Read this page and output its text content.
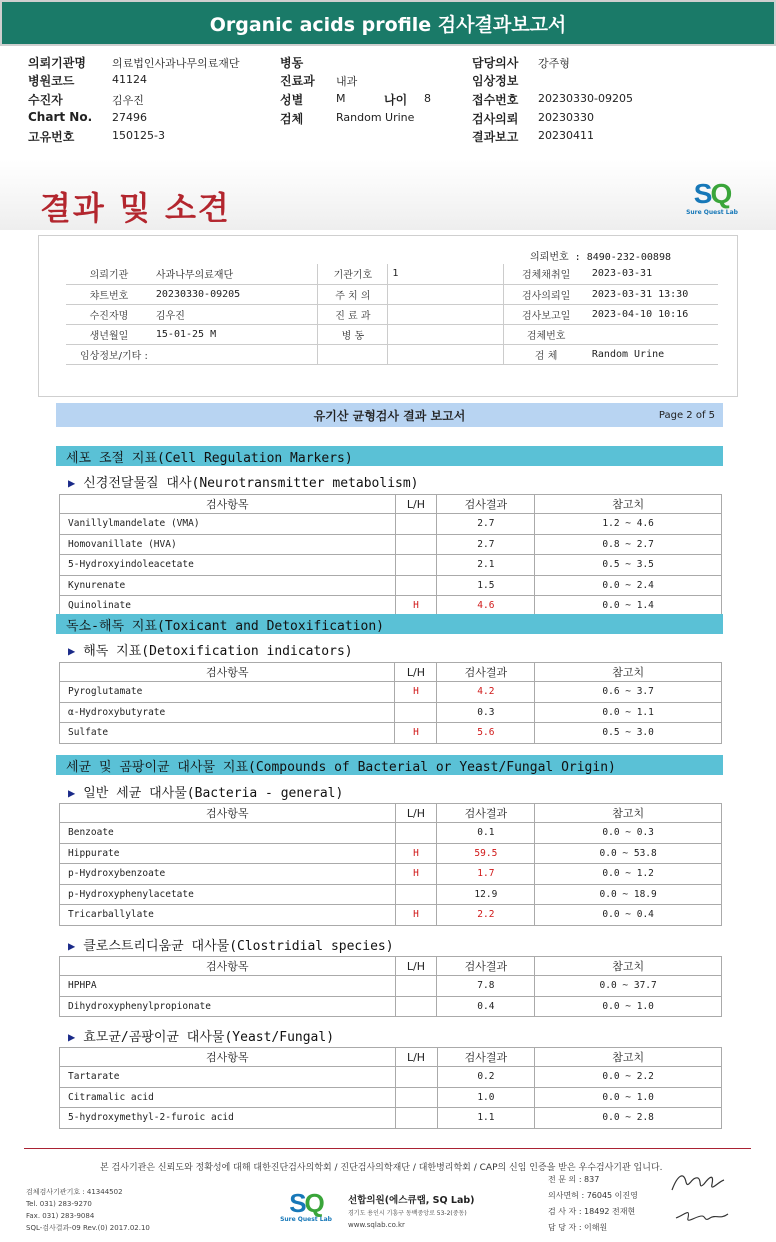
Organic acids profile 검사결과보고서
의뢰기관명 의료법인사과나무의료재단
병원코드	41124
수진자	김우진
Chart No. 27496
고유번호	150125-3
병동
진료과 내과
성별	M
검체	Random Urine
나이 8
담당의사 강주형
임상정보
접수번호 20230330-09205
검사의뢰 20230330
결과보고 20230411
결과 및 소견	SQ
Sure Quest Lab
의뢰번호 : 8490-232-00898
의뢰기관	사과나무의료재단	기관기호	1	검체채취일	2023-03-31
챠트번호	20230330-09205	주 치 의		검사의뢰일	2023-03-31 13:30
수진자명	김우진	진 료 과		검사보고일	2023-04-10 10:16
생년월일	15-01-25 M	병 동		검체번호	
임상정보/기타 :				검 체	Random Urine
유기산 균형검사 결과 보고서	Page 2 of 5
세포 조절 지표(Cell Regulation Markers)
▶ 신경전달물질 대사(Neurotransmitter metabolism)
검사항목	L/H	검사결과	참고치
Vanillylmandelate (VMA)		2.7	1.2 ~ 4.6
Homovanillate (HVA)		2.7	0.8 ~ 2.7
5-Hydroxyindoleacetate		2.1	0.5 ~ 3.5
Kynurenate		1.5	0.0 ~ 2.4
Quinolinate	H	4.6	0.0 ~ 1.4
독소-해독 지표(Toxicant and Detoxification)
▶ 해독 지표(Detoxification indicators)
검사항목	L/H	검사결과	참고치
Pyroglutamate	H	4.2	0.6 ~ 3.7
α-Hydroxybutyrate		0.3	0.0 ~ 1.1
Sulfate	H	5.6	0.5 ~ 3.0
세균 및 곰팡이균 대사물 지표(Compounds of Bacterial or Yeast/Fungal Origin)
▶ 일반 세균 대사물(Bacteria - general)
검사항목	L/H	검사결과	참고치
Benzoate		0.1	0.0 ~ 0.3
Hippurate	H	59.5	0.0 ~ 53.8
p-Hydroxybenzoate	H	1.7	0.0 ~ 1.2
p-Hydroxyphenylacetate		12.9	0.0 ~ 18.9
Tricarballylate	H	2.2	0.0 ~ 0.4
▶ 클로스트리디움균 대사물(Clostridial species)
검사항목	L/H	검사결과	참고치
HPHPA		7.8	0.0 ~ 37.7
Dihydroxyphenylpropionate		0.4	0.0 ~ 1.0
▶ 효모균/곰팡이균 대사물(Yeast/Fungal)
검사항목	L/H	검사결과	참고치
Tartarate		0.2	0.0 ~ 2.2
Citramalic acid		1.0	0.0 ~ 1.0
5-hydroxymethyl-2-furoic acid		1.1	0.0 ~ 2.8
본 검사기관은 신뢰도와 정확성에 대해 대한진단검사의학회 / 진단검사의학재단 / 대한병리학회 / CAP의 신임 인증을 받은 우수검사기관 입니다.
검체검사기관기호 : 41344502
Tel. 031) 283-9270
Fax. 031) 283-9084
SQL-검사결과-09 Rev.(0) 2017.02.10
SQ
Sure Quest Lab
선합의원(에스큐랩, SQ Lab)
경기도 용인시 기흥구 동백중앙로 53-2(중동)
www.sqlab.co.kr
전 문 의 : 837
의사면허 : 76045 이진영
검 사 자 : 18492 전재현
담 당 자 : 이해원
